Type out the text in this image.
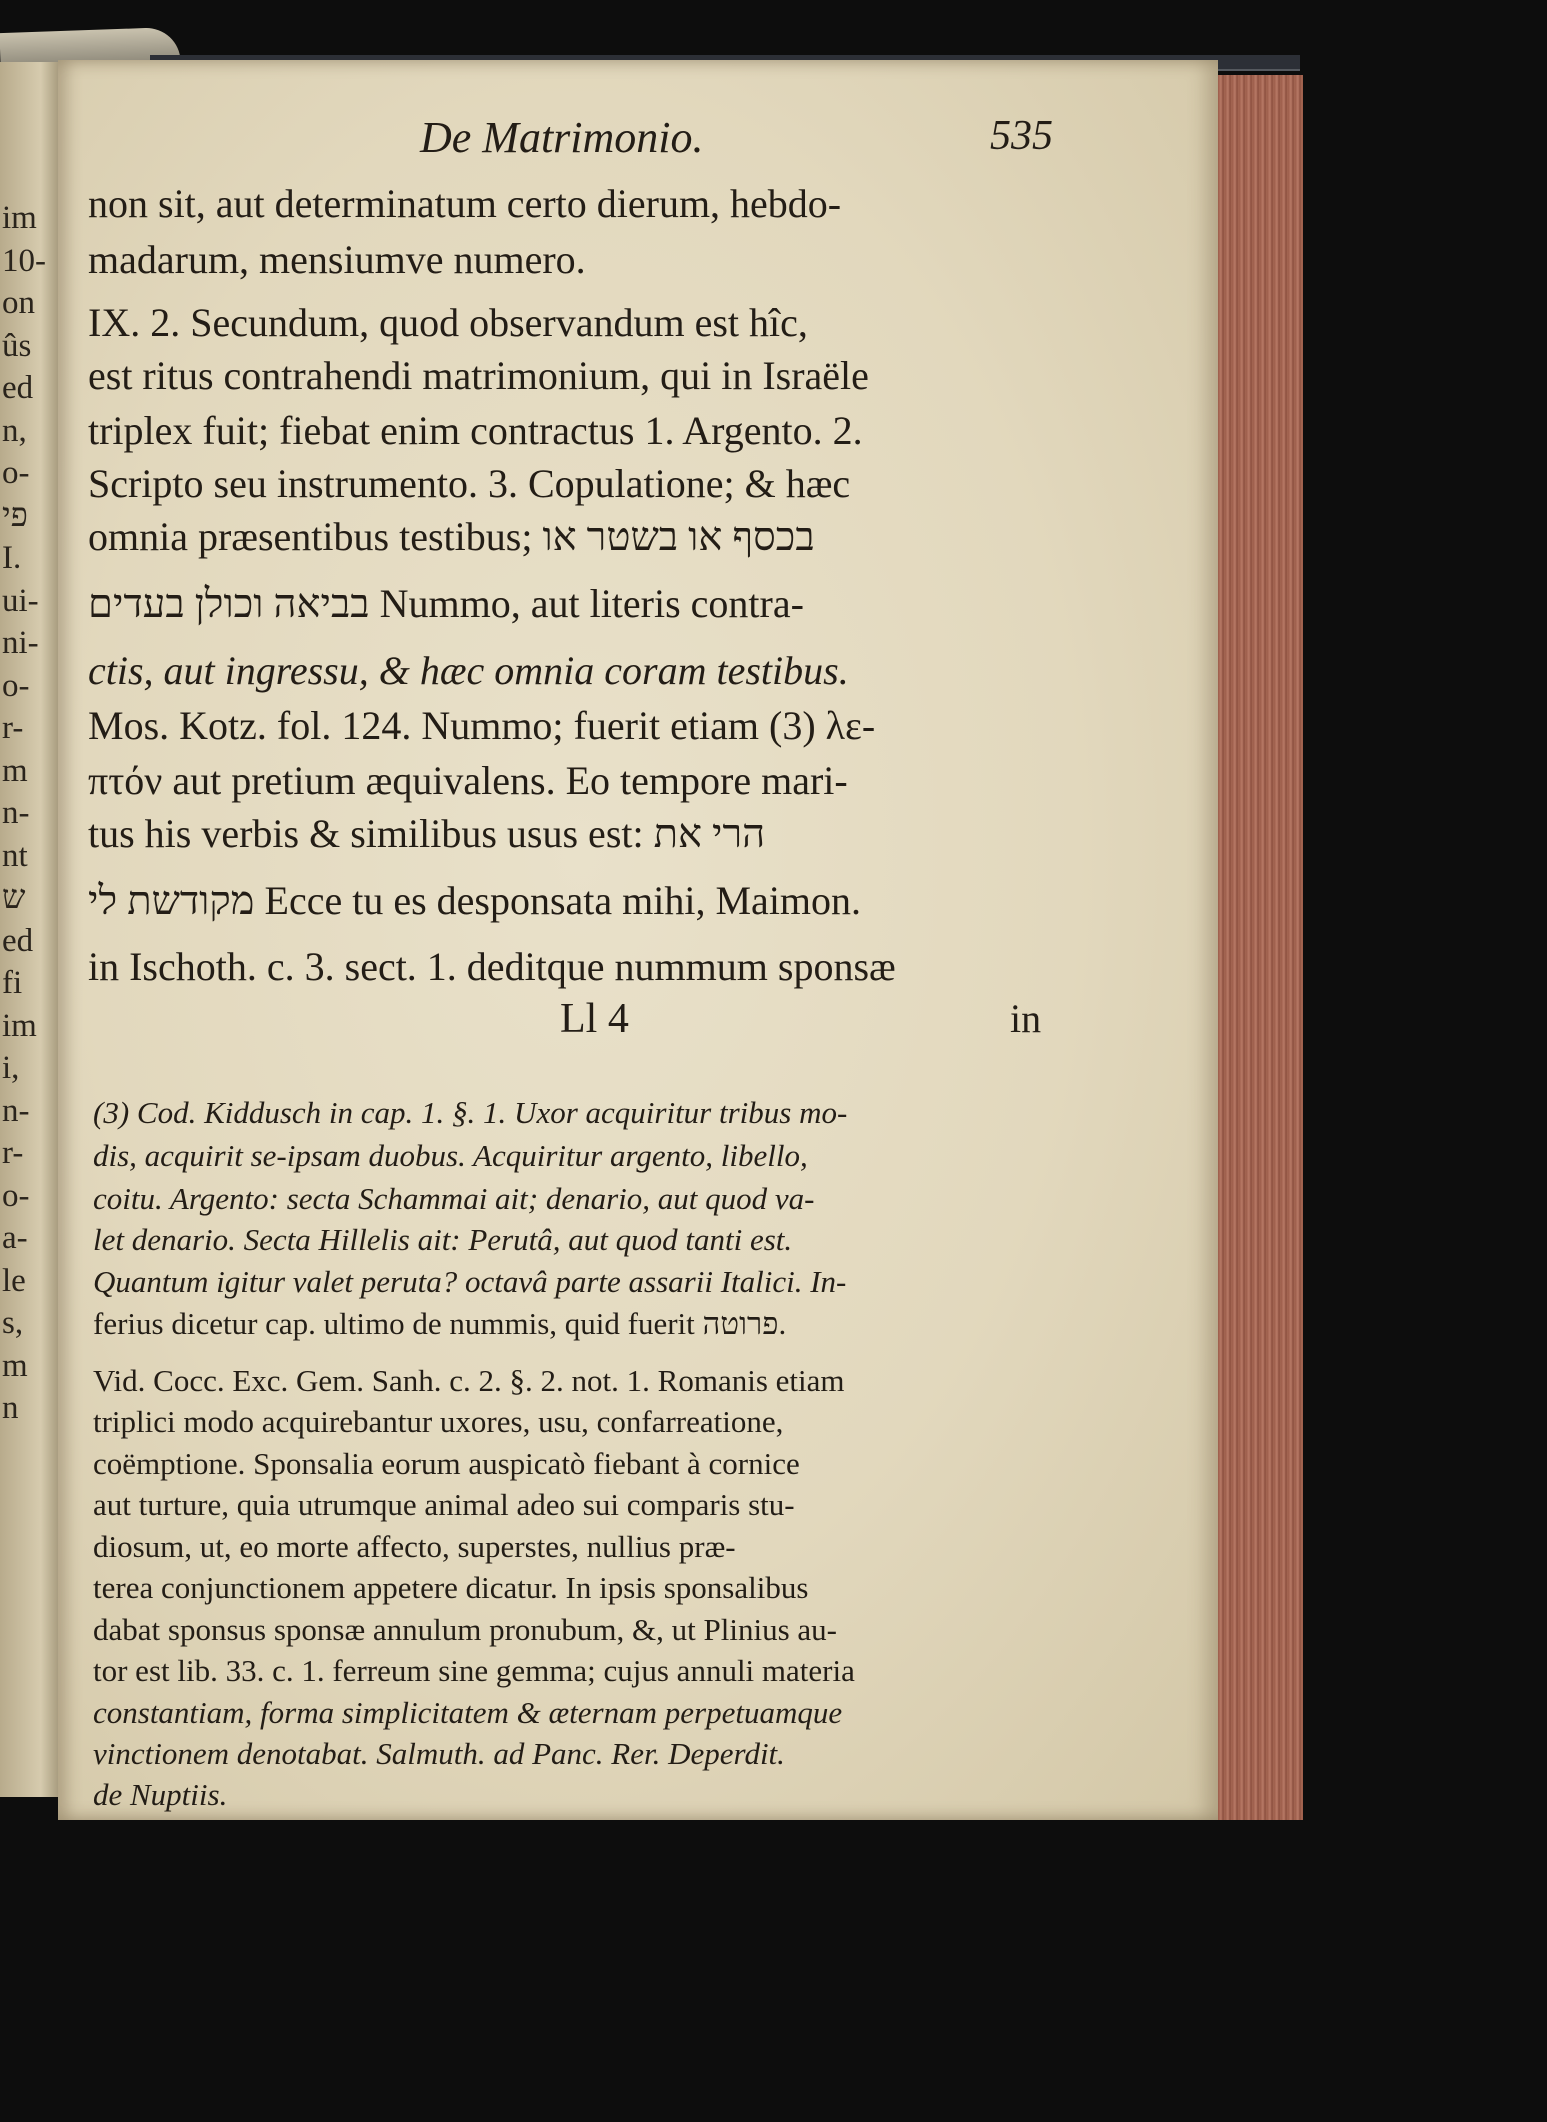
im
10-
on
ûs
ed
n,
o-
פי
I.
ui-
ni-
o-
r-
m
n-
nt
ש
ed
fi
im
i,
n-
r-
o-
a-
le
s,
m
n
De Matrimonio.	535
non sit, aut determinatum certo dierum, hebdo-
madarum, mensiumve numero.
IX. 2. Secundum, quod observandum est hîc,
est ritus contrahendi matrimonium, qui in Israële
triplex fuit; fiebat enim contractus 1. Argento. 2.
Scripto seu instrumento. 3. Copulatione; & hæc
omnia præsentibus testibus; בכסף או בשטר או
בביאה וכולן בעדים Nummo, aut literis contra-
ctis, aut ingressu, & hæc omnia coram testibus.
Mos. Kotz. fol. 124. Nummo; fuerit etiam (3) λε-
πτόν aut pretium æquivalens. Eo tempore mari-
tus his verbis & similibus usus est: הרי את
מקודשת לי Ecce tu es desponsata mihi, Maimon.
in Ischoth. c. 3. sect. 1. deditque nummum sponsæ
Ll 4	in
(3) Cod. Kiddusch in cap. 1. §. 1. Uxor acquiritur tribus mo-
dis, acquirit se-ipsam duobus. Acquiritur argento, libello,
coitu. Argento: secta Schammai ait; denario, aut quod va-
let denario. Secta Hillelis ait: Perutâ, aut quod tanti est.
Quantum igitur valet peruta? octavâ parte assarii Italici. In-
ferius dicetur cap. ultimo de nummis, quid fuerit פרוטה.
Vid. Cocc. Exc. Gem. Sanh. c. 2. §. 2. not. 1. Romanis etiam
triplici modo acquirebantur uxores, usu, confarreatione,
coëmptione. Sponsalia eorum auspicatò fiebant à cornice
aut turture, quia utrumque animal adeo sui comparis stu-
diosum, ut, eo morte affecto, superstes, nullius præ-
terea conjunctionem appetere dicatur. In ipsis sponsalibus
dabat sponsus sponsæ annulum pronubum, &, ut Plinius au-
tor est lib. 33. c. 1. ferreum sine gemma; cujus annuli materia
constantiam, forma simplicitatem & æternam perpetuamque
vinctionem denotabat. Salmuth. ad Panc. Rer. Deperdit.
de Nuptiis.
